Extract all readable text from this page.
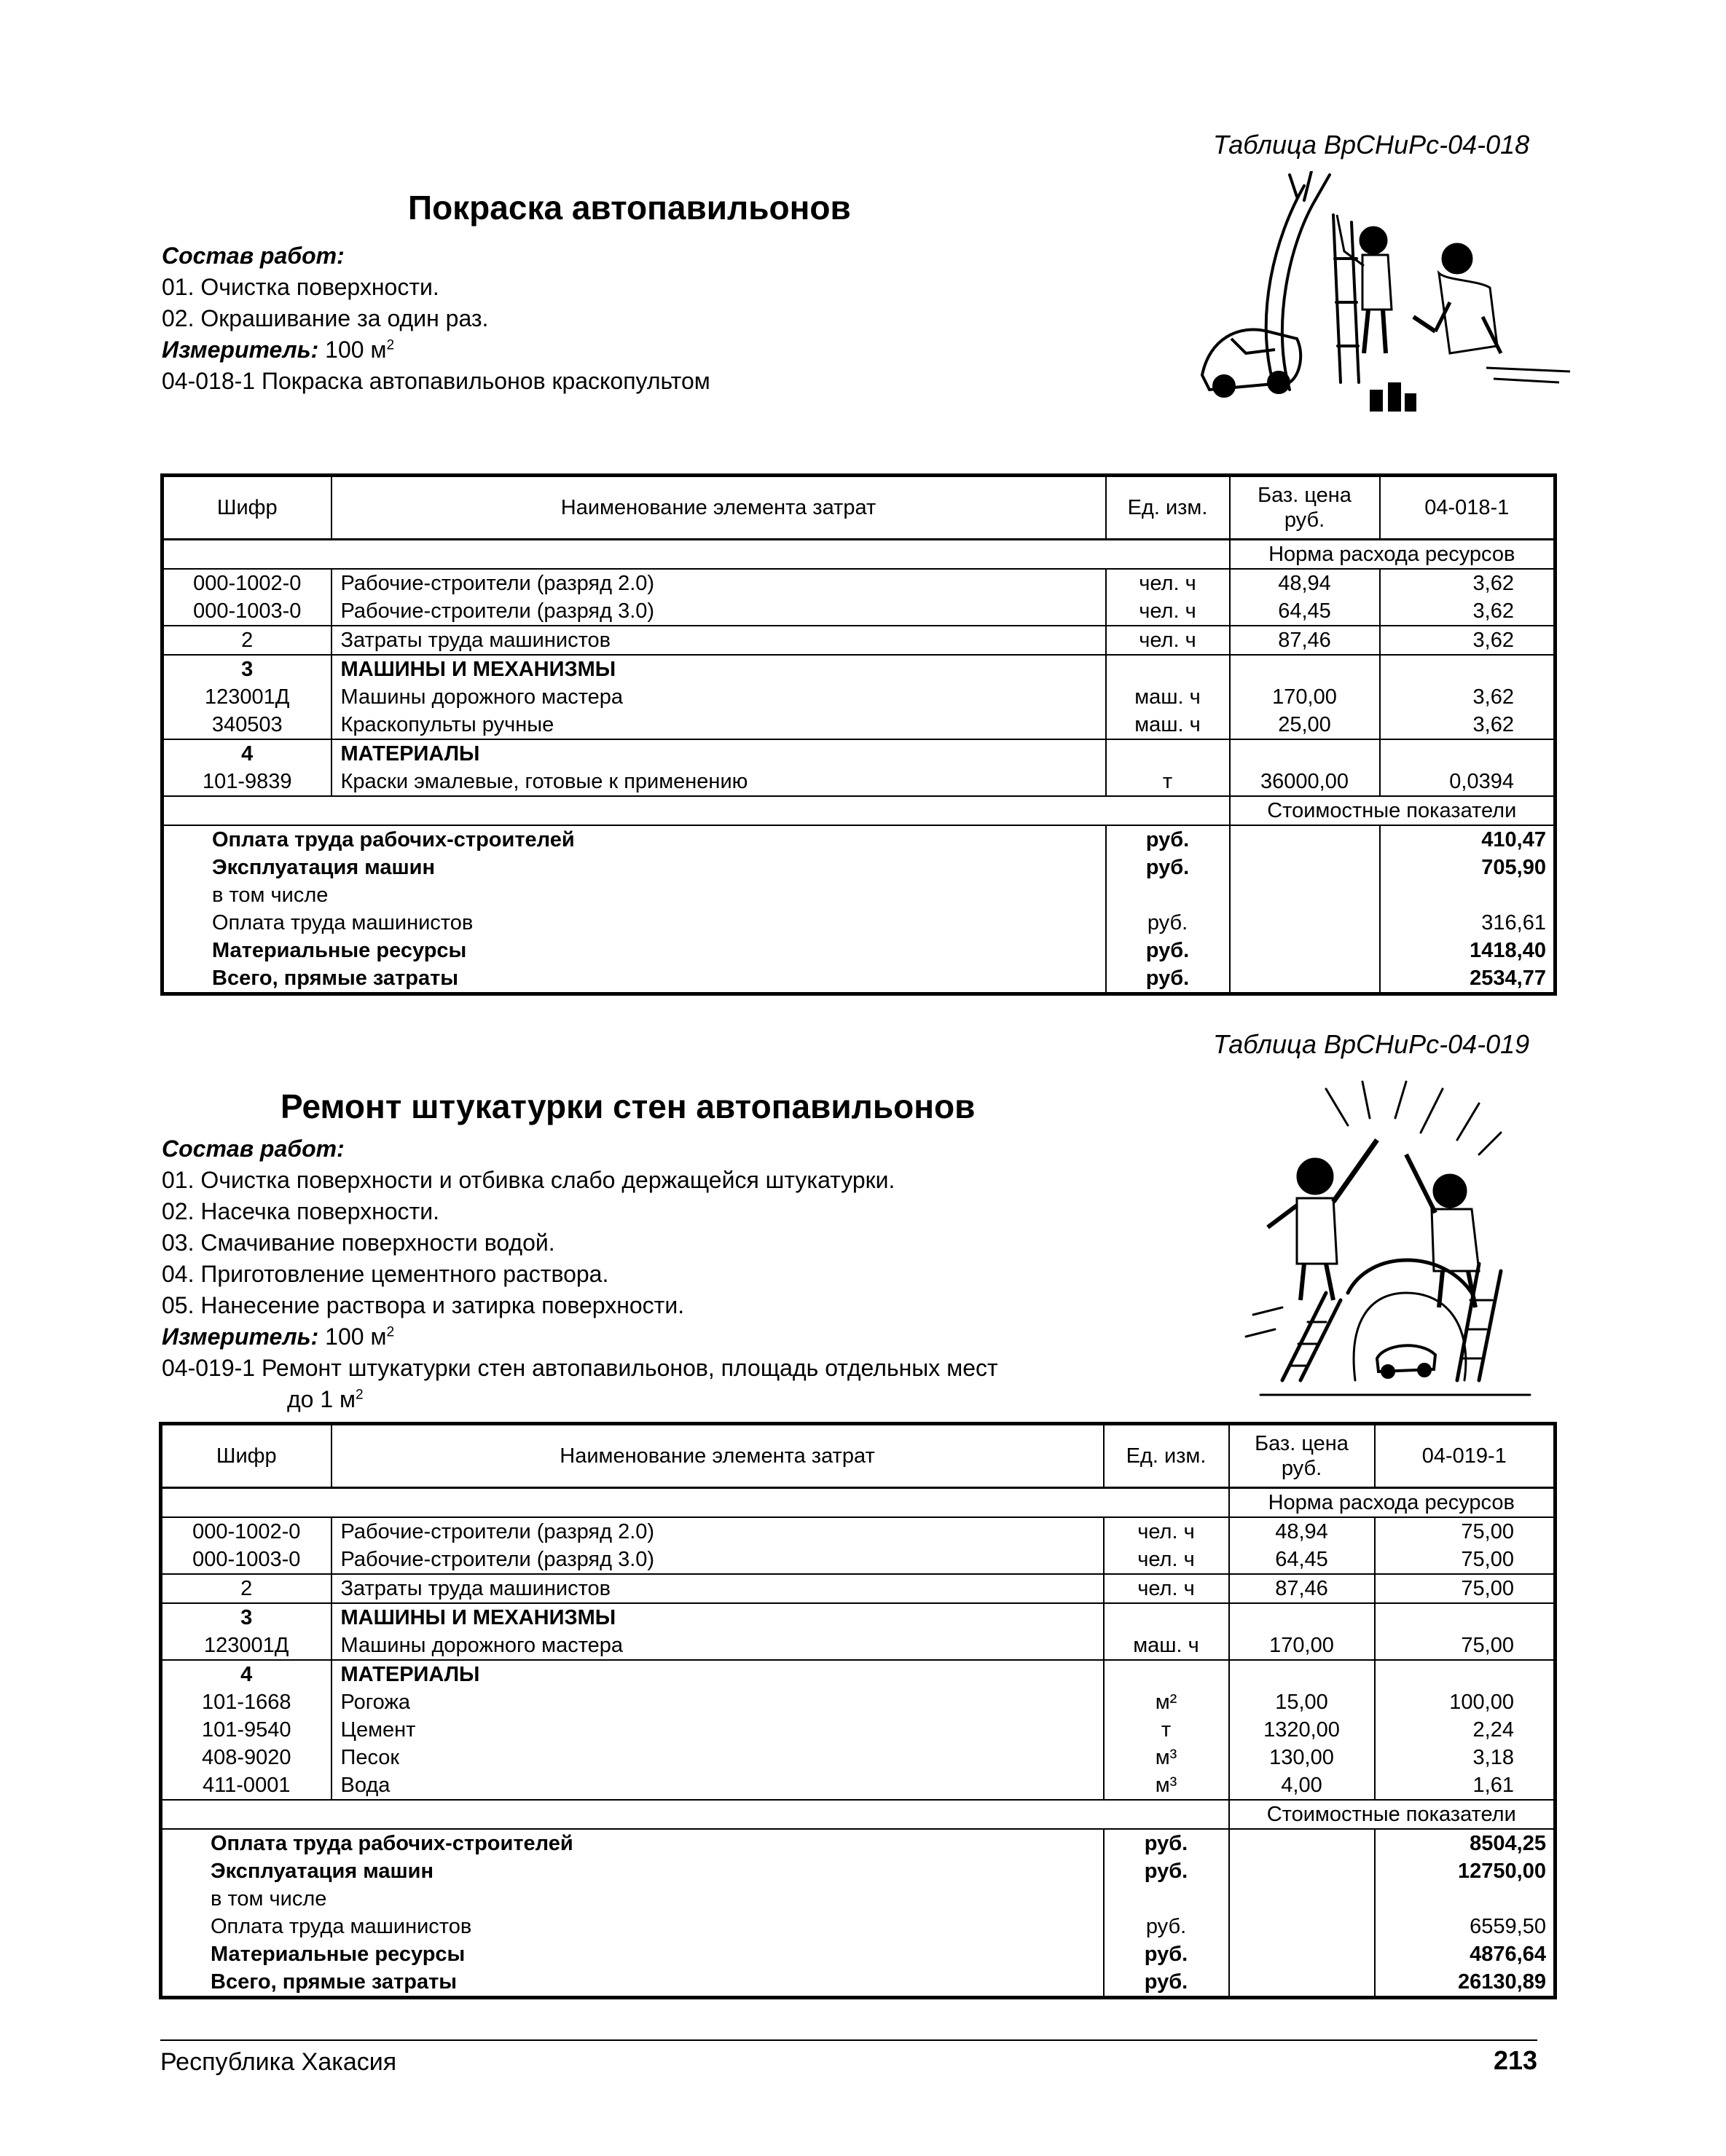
Таблица ВрСНиРс-04-018
Покраска автопавильонов
Состав работ:
01. Очистка поверхности.
02. Окрашивание за один раз.
Измеритель: 100 $м^2$
04-018-1 Покраска автопавильонов краскопультом
Шифр	Наименование элемента затрат	Ед. изм.	Баз. цена руб.	04-018-1
			Норма расхода ресурсов	
000-1002-0	Рабочие-строители (разряд 2.0)	чел. ч	48,94	3,62
000-1003-0	Рабочие-строители (разряд 3.0)	чел. ч	64,45	3,62
2	Затраты труда машинистов	чел. ч	87,46	3,62
3	МАШИНЫ И МЕХАНИЗМЫ			
123001Д	Машины дорожного мастера	маш. ч	170,00	3,62
340503	Краскопульты ручные	маш. ч	25,00	3,62
4	МАТЕРИАЛЫ			
101-9839	Краски эмалевые, готовые к применению	т	36000,00	0,0394
			Стоимостные показатели	
Оплата труда рабочих-строителей		руб.		410,47
Эксплуатация машин		руб.		705,90
в том числе				
Оплата труда машинистов		руб.		316,61
Материальные ресурсы		руб.		1418,40
Всего, прямые затраты		руб.		2534,77
Таблица ВрСНиРс-04-019
Ремонт штукатурки стен автопавильонов
Состав работ:
01. Очистка поверхности и отбивка слабо держащейся штукатурки.
02. Насечка поверхности.
03. Смачивание поверхности водой.
04. Приготовление цементного раствора.
05. Нанесение раствора и затирка поверхности.
Измеритель: 100 $м^2$
04-019-1 Ремонт штукатурки стен автопавильонов, площадь отдельных мест
до 1 $м^2$
Шифр	Наименование элемента затрат	Ед. изм.	Баз. цена руб.	04-019-1
			Норма расхода ресурсов	
000-1002-0	Рабочие-строители (разряд 2.0)	чел. ч	48,94	75,00
000-1003-0	Рабочие-строители (разряд 3.0)	чел. ч	64,45	75,00
2	Затраты труда машинистов	чел. ч	87,46	75,00
3	МАШИНЫ И МЕХАНИЗМЫ			
123001Д	Машины дорожного мастера	маш. ч	170,00	75,00
4	МАТЕРИАЛЫ			
101-1668	Рогожа	м²	15,00	100,00
101-9540	Цемент	т	1320,00	2,24
408-9020	Песок	м³	130,00	3,18
411-0001	Вода	м³	4,00	1,61
			Стоимостные показатели	
Оплата труда рабочих-строителей		руб.		8504,25
Эксплуатация машин		руб.		12750,00
в том числе				
Оплата труда машинистов		руб.		6559,50
Материальные ресурсы		руб.		4876,64
Всего, прямые затраты		руб.		26130,89
Республика Хакасия	213
